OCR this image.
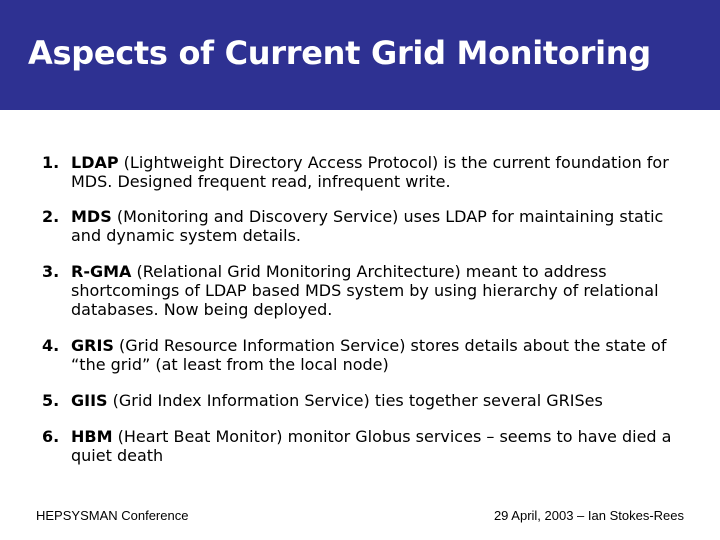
Aspects of Current Grid Monitoring
1. LDAP (Lightweight Directory Access Protocol) is the current foundation for MDS. Designed frequent read, infrequent write.
2. MDS (Monitoring and Discovery Service) uses LDAP for maintaining static and dynamic system details.
3. R-GMA (Relational Grid Monitoring Architecture) meant to address shortcomings of LDAP based MDS system by using hierarchy of relational databases. Now being deployed.
4. GRIS (Grid Resource Information Service) stores details about the state of “the grid” (at least from the local node)
5. GIIS (Grid Index Information Service) ties together several GRISes
6. HBM (Heart Beat Monitor) monitor Globus services – seems to have died a quiet death
HEPSYSMAN Conference	29 April, 2003 – Ian Stokes-Rees
